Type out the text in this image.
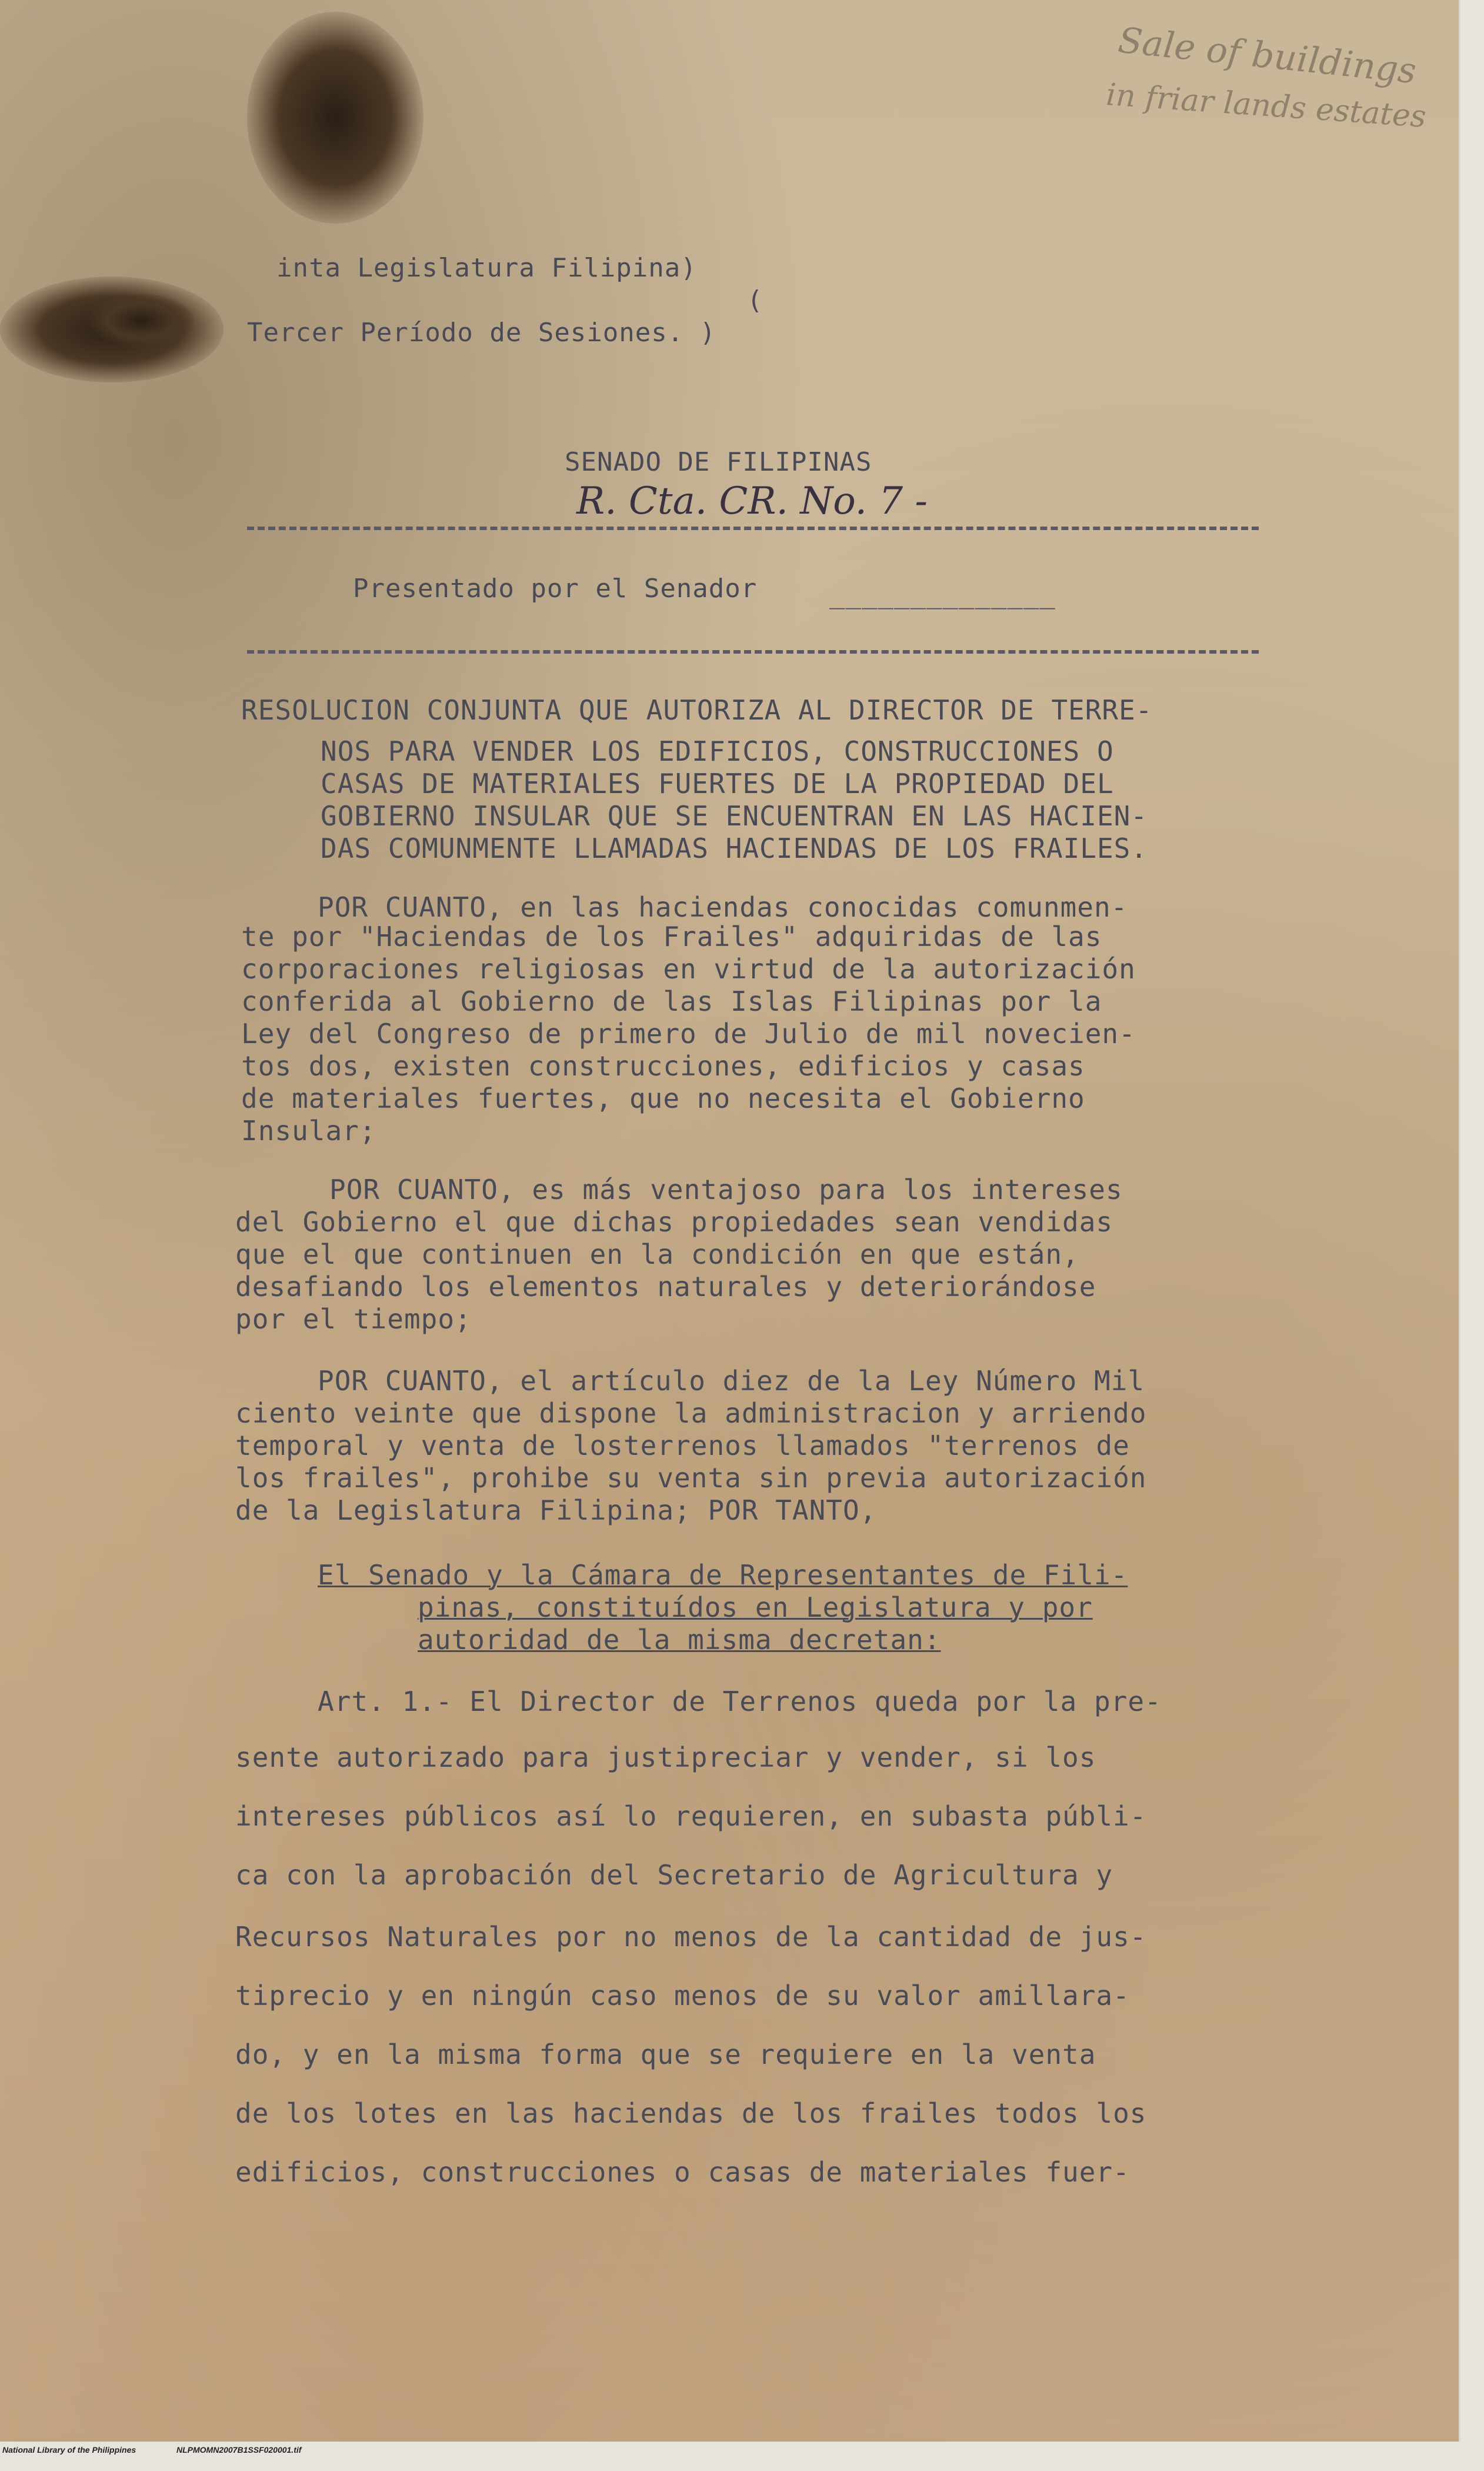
Sale of buildings
in friar lands estates
inta Legislatura Filipina)
(
Tercer Período de Sesiones. )
SENADO DE FILIPINAS
R. Cta. CR. No. 7 -
Presentado por el Senador	______________
RESOLUCION CONJUNTA QUE AUTORIZA AL DIRECTOR DE TERRE-
NOS PARA VENDER LOS EDIFICIOS, CONSTRUCCIONES O
CASAS DE MATERIALES FUERTES DE LA PROPIEDAD DEL
GOBIERNO INSULAR QUE SE ENCUENTRAN EN LAS HACIEN-
DAS COMUNMENTE LLAMADAS HACIENDAS DE LOS FRAILES.
POR CUANTO, en las haciendas conocidas comunmen-
te por "Haciendas de los Frailes" adquiridas de las
corporaciones religiosas en virtud de la autorización
conferida al Gobierno de las Islas Filipinas por la
Ley del Congreso de primero de Julio de mil novecien-
tos dos, existen construcciones, edificios y casas
de materiales fuertes, que no necesita el Gobierno
Insular;
POR CUANTO, es más ventajoso para los intereses
del Gobierno el que dichas propiedades sean vendidas
que el que continuen en la condición en que están,
desafiando los elementos naturales y deteriorándose
por el tiempo;
POR CUANTO, el artículo diez de la Ley Número Mil
ciento veinte que dispone la administracion y arriendo
temporal y venta de losterrenos llamados "terrenos de
los frailes", prohibe su venta sin previa autorización
de la Legislatura Filipina; POR TANTO,
El Senado y la Cámara de Representantes de Fili-
pinas, constituídos en Legislatura y por
autoridad de la misma decretan:
Art. 1.- El Director de Terrenos queda por la pre-
sente autorizado para justipreciar y vender, si los
intereses públicos así lo requieren, en subasta públi-
ca con la aprobación del Secretario de Agricultura y
Recursos Naturales por no menos de la cantidad de jus-
tiprecio y en ningún caso menos de su valor amillara-
do, y en la misma forma que se requiere en la venta
de los lotes en las haciendas de los frailes todos los
edificios, construcciones o casas de materiales fuer-
National Library of the Philippines	NLPMOMN2007B1SSF020001.tif
